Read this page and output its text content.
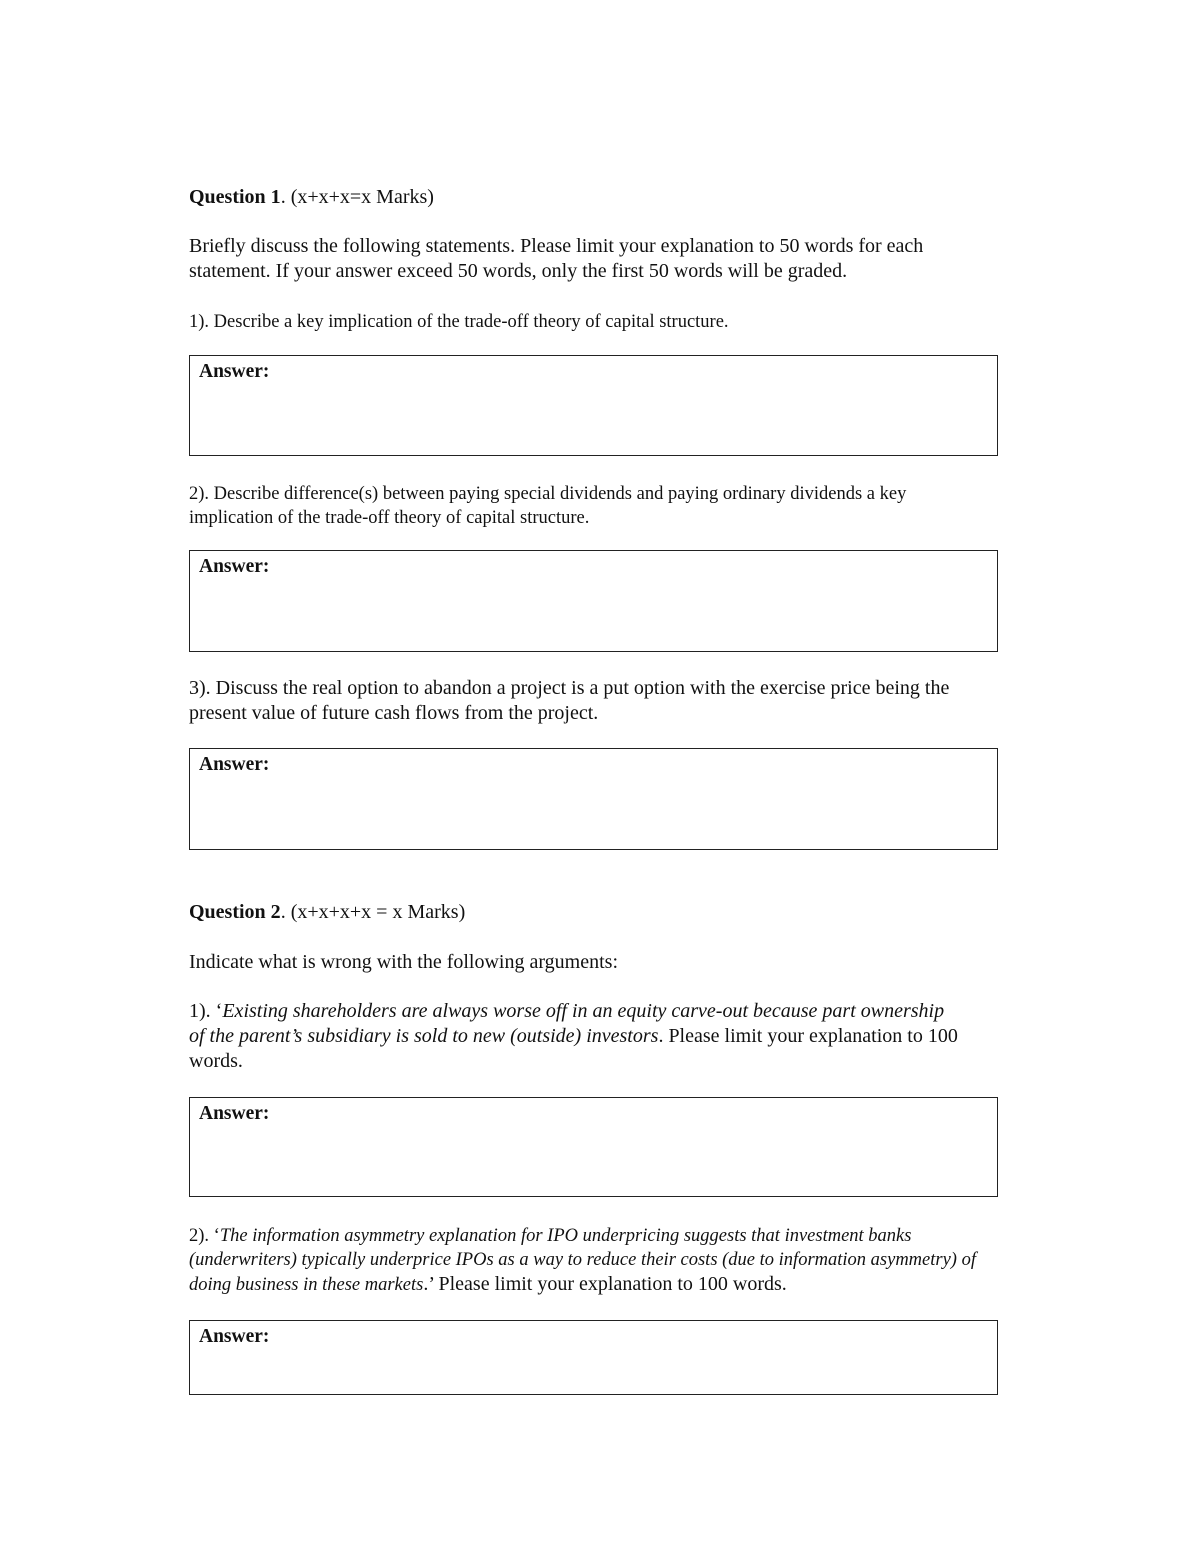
Question 1. (x+x+x=x Marks)
Briefly discuss the following statements. Please limit your explanation to 50 words for each statement. If your answer exceed 50 words, only the first 50 words will be graded.
1). Describe a key implication of the trade-off theory of capital structure.
Answer:
2). Describe difference(s) between paying special dividends and paying ordinary dividends a key implication of the trade-off theory of capital structure.
Answer:
3). Discuss the real option to abandon a project is a put option with the exercise price being the present value of future cash flows from the project.
Answer:
Question 2. (x+x+x+x = x Marks)
Indicate what is wrong with the following arguments:
1). ‘Existing shareholders are always worse off in an equity carve-out because part ownership of the parent’s subsidiary is sold to new (outside) investors. Please limit your explanation to 100 words.
Answer:
2). ‘The information asymmetry explanation for IPO underpricing suggests that investment banks (underwriters) typically underprice IPOs as a way to reduce their costs (due to information asymmetry) of doing business in these markets.’ Please limit your explanation to 100 words.
Answer:
